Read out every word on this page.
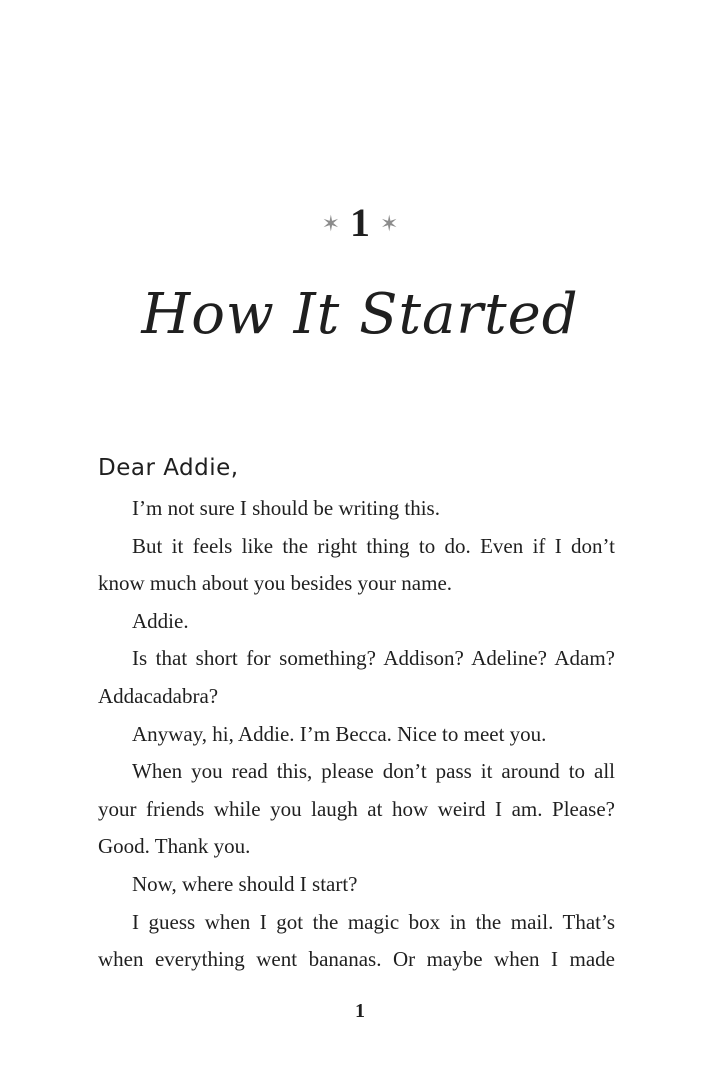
✶ 1 ✶
How It Started
Dear Addie,

I’m not sure I should be writing this.

But it feels like the right thing to do. Even if I don’t know much about you besides your name.

Addie.

Is that short for something? Addison? Adeline? Adam? Addacadabra?

Anyway, hi, Addie. I’m Becca. Nice to meet you.

When you read this, please don’t pass it around to all your friends while you laugh at how weird I am. Please? Good. Thank you.

Now, where should I start?

I guess when I got the magic box in the mail. That’s when everything went bananas. Or maybe when I made

1
